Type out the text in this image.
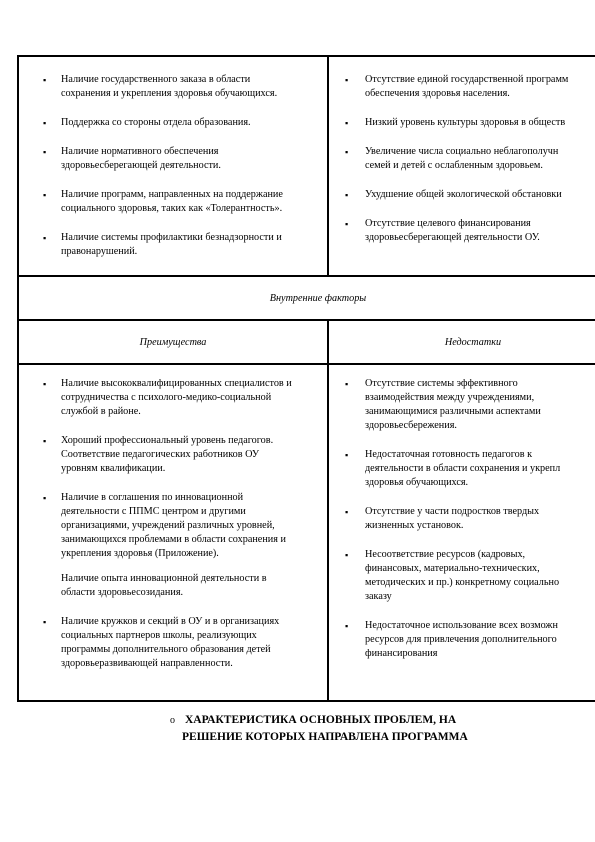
▪ Наличие государственного заказа в области
сохранения и укрепления здоровья обучающихся.
▪ Поддержка со стороны отдела образования.
▪ Наличие нормативного обеспечения
здоровьесберегающей деятельности.
▪ Наличие программ, направленных на поддержание
социального здоровья, таких как «Толерантность».
▪ Наличие системы профилактики безнадзорности и
правонарушений.
▪ Отсутствие единой государственной программ
обеспечения здоровья населения.
▪ Низкий уровень культуры здоровья в обществ
▪ Увеличение числа социально неблагополучн
семей и детей с ослабленным здоровьем.
▪ Ухудшение общей экологической обстановки
▪ Отсутствие целевого финансирования
здоровьесберегающей деятельности ОУ.
Внутренние факторы
Преимущества	Недостатки
▪ Наличие высококвалифицированных специалистов и
сотрудничества с психолого-медико-социальной
службой в районе.
▪ Хороший профессиональный уровень педагогов.
Соответствие педагогических работников ОУ
уровням квалификации.
▪ Наличие в соглашения по инновационной
деятельности с ППМС центром и другими
организациями, учреждений различных уровней,
занимающихся проблемами в области сохранения и
укрепления здоровья (Приложение).
Наличие опыта инновационной деятельности в
области здоровьесозидания.
▪ Наличие кружков и секций в ОУ и в организациях
социальных партнеров школы, реализующих
программы дополнительного образования детей
здоровьеразвивающей направленности.
▪ Отсутствие системы эффективного
взаимодействия между учреждениями,
занимающимися различными аспектами
здоровьесбережения.
▪ Недостаточная готовность педагогов к
деятельности в области сохранения и укрепл
здоровья обучающихся.
▪ Отсутствие у части подростков твердых
жизненных установок.
▪ Несоответствие ресурсов (кадровых,
финансовых, материально-технических,
методических и пр.) конкретному социально
заказу
▪ Недостаточное использование всех возможн
ресурсов для привлечения дополнительного
финансирования
o ХАРАКТЕРИСТИКА ОСНОВНЫХ ПРОБЛЕМ, НА
РЕШЕНИЕ КОТОРЫХ НАПРАВЛЕНА ПРОГРАММА
